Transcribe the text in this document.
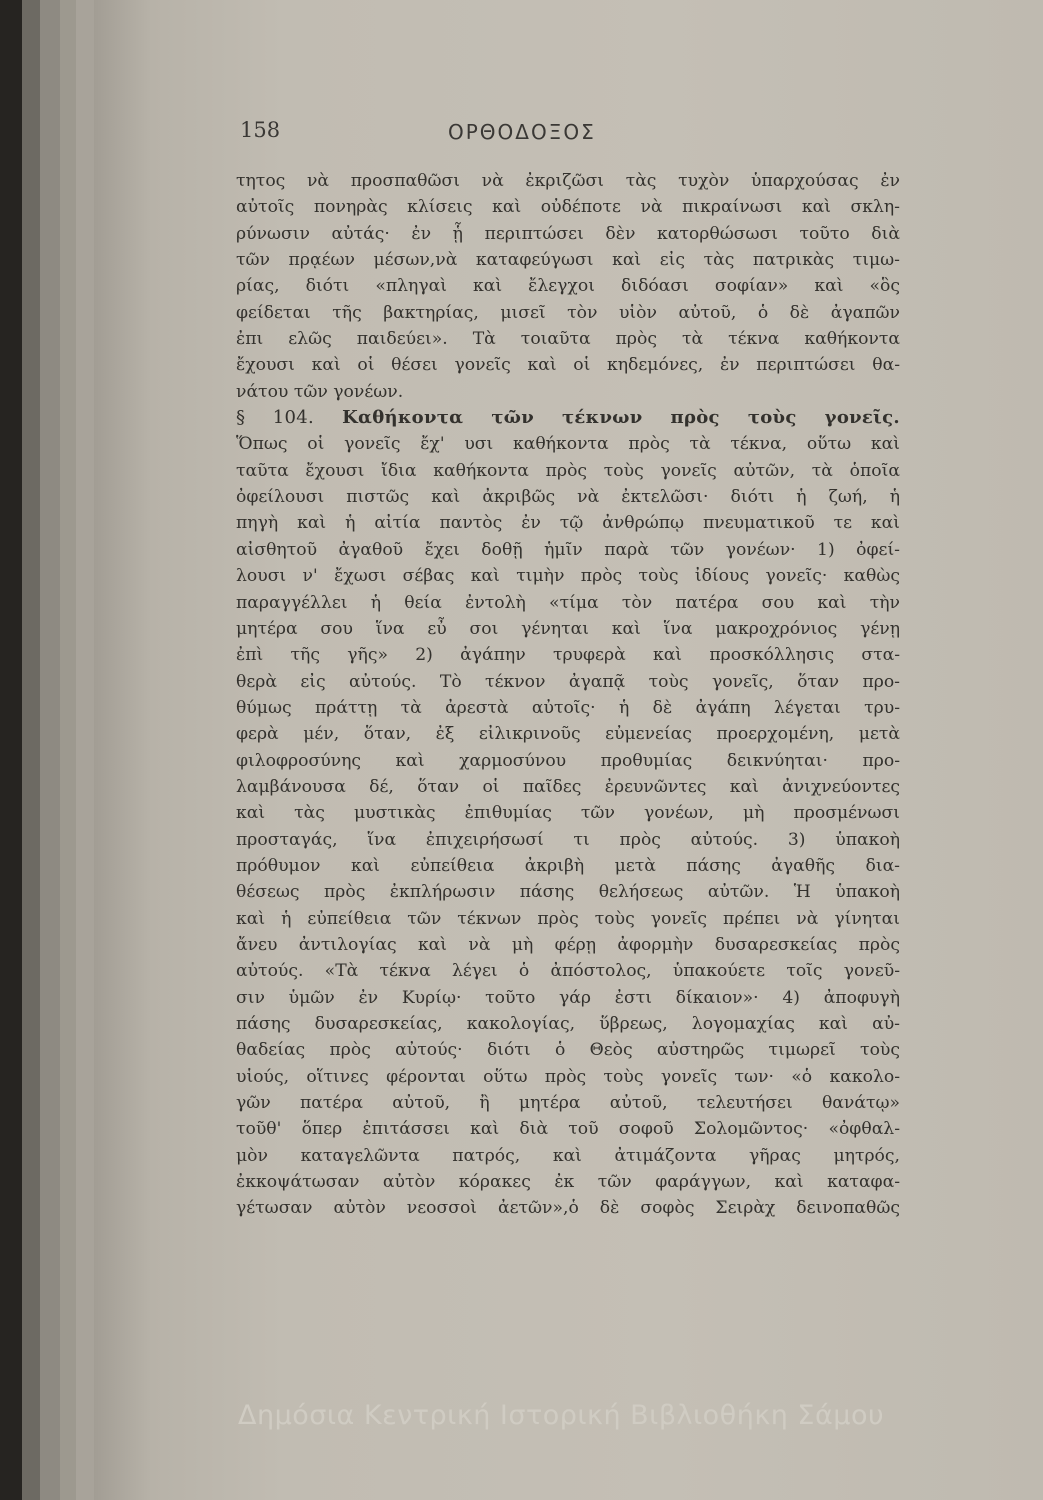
158	ΟΡΘΟΔΟΞΟΣ

τητος νὰ προσπαθῶσι νὰ ἐκριζῶσι τὰς τυχὸν ὑπαρχούσας ἐν

αὐτοῖς πονηρὰς κλίσεις καὶ οὐδέποτε νὰ πικραίνωσι καὶ σκλη-

ρύνωσιν αὐτάς· ἐν ᾗ περιπτώσει δὲν κατορθώσωσι τοῦτο διὰ

τῶν πρᾳέων μέσων,νὰ καταφεύγωσι καὶ εἰς τὰς πατρικὰς τιμω-

ρίας, διότι «πληγαὶ καὶ ἔλεγχοι διδόασι σοφίαν» καὶ «ὃς

φείδεται τῆς βακτηρίας, μισεῖ τὸν υἱὸν αὐτοῦ, ὁ δὲ ἀγαπῶν

ἐπι ελῶς παιδεύει». Τὰ τοιαῦτα πρὸς τὰ τέκνα καθήκοντα

ἔχουσι καὶ οἱ θέσει γονεῖς καὶ οἱ κηδεμόνες, ἐν περιπτώσει θα-

νάτου τῶν γονέων.

§ 104. Καθήκοντα τῶν τέκνων πρὸς τοὺς γονεῖς.

Ὅπως οἱ γονεῖς ἔχ' υσι καθήκοντα πρὸς τὰ τέκνα, οὕτω καὶ

ταῦτα ἔχουσι ἴδια καθήκοντα πρὸς τοὺς γονεῖς αὐτῶν, τὰ ὁποῖα

ὀφείλουσι πιστῶς καὶ ἀκριβῶς νὰ ἐκτελῶσι· διότι ἡ ζωή, ἡ

πηγὴ καὶ ἡ αἰτία παντὸς ἐν τῷ ἀνθρώπῳ πνευματικοῦ τε καὶ

αἰσθητοῦ ἀγαθοῦ ἔχει δοθῇ ἡμῖν παρὰ τῶν γονέων· 1) ὀφεί-

λουσι ν' ἔχωσι σέβας καὶ τιμὴν πρὸς τοὺς ἰδίους γονεῖς· καθὼς

παραγγέλλει ἡ θεία ἐντολὴ «τίμα τὸν πατέρα σου καὶ τὴν

μητέρα σου ἵνα εὖ σοι γένηται καὶ ἵνα μακροχρόνιος γένῃ

ἐπὶ τῆς γῆς» 2) ἀγάπην τρυφερὰ καὶ προσκόλλησις στα-

θερὰ εἰς αὐτούς. Τὸ τέκνον ἀγαπᾷ τοὺς γονεῖς, ὅταν προ-

θύμως πράττῃ τὰ ἀρεστὰ αὐτοῖς· ἡ δὲ ἀγάπη λέγεται τρυ-

φερὰ μέν, ὅταν, ἐξ εἰλικρινοῦς εὐμενείας προερχομένη, μετὰ

φιλοφροσύνης καὶ χαρμοσύνου προθυμίας δεικνύηται· προ-

λαμβάνουσα δέ, ὅταν οἱ παῖδες ἐρευνῶντες καὶ ἀνιχνεύοντες

καὶ τὰς μυστικὰς ἐπιθυμίας τῶν γονέων, μὴ προσμένωσι

προσταγάς, ἵνα ἐπιχειρήσωσί τι πρὸς αὐτούς. 3) ὑπακοὴ

πρόθυμον καὶ εὐπείθεια ἀκριβὴ μετὰ πάσης ἀγαθῆς δια-

θέσεως πρὸς ἐκπλήρωσιν πάσης θελήσεως αὐτῶν. Ἡ ὑπακοὴ

καὶ ἡ εὐπείθεια τῶν τέκνων πρὸς τοὺς γονεῖς πρέπει νὰ γίνηται

ἄνευ ἀντιλογίας καὶ νὰ μὴ φέρῃ ἀφορμὴν δυσαρεσκείας πρὸς

αὐτούς. «Τὰ τέκνα λέγει ὁ ἀπόστολος, ὑπακούετε τοῖς γονεῦ-

σιν ὑμῶν ἐν Κυρίῳ· τοῦτο γάρ ἐστι δίκαιον»· 4) ἀποφυγὴ

πάσης δυσαρεσκείας, κακολογίας, ὕβρεως, λογομαχίας καὶ αὐ-

θαδείας πρὸς αὐτούς· διότι ὁ Θεὸς αὐστηρῶς τιμωρεῖ τοὺς

υἱούς, οἵτινες φέρονται οὕτω πρὸς τοὺς γονεῖς των· «ὁ κακολο-

γῶν πατέρα αὐτοῦ, ἢ μητέρα αὐτοῦ, τελευτήσει θανάτῳ»

τοῦθ' ὅπερ ἐπιτάσσει καὶ διὰ τοῦ σοφοῦ Σολομῶντος· «ὀφθαλ-

μὸν καταγελῶντα πατρός, καὶ ἀτιμάζοντα γῆρας μητρός,

ἐκκοψάτωσαν αὐτὸν κόρακες ἐκ τῶν φαράγγων, καὶ καταφα-

γέτωσαν αὐτὸν νεοσσοὶ ἀετῶν»,ὁ δὲ σοφὸς Σειρὰχ δεινοπαθῶς

Δημόσια Κεντρική Ιστορική Βιβλιοθήκη Σάμου
